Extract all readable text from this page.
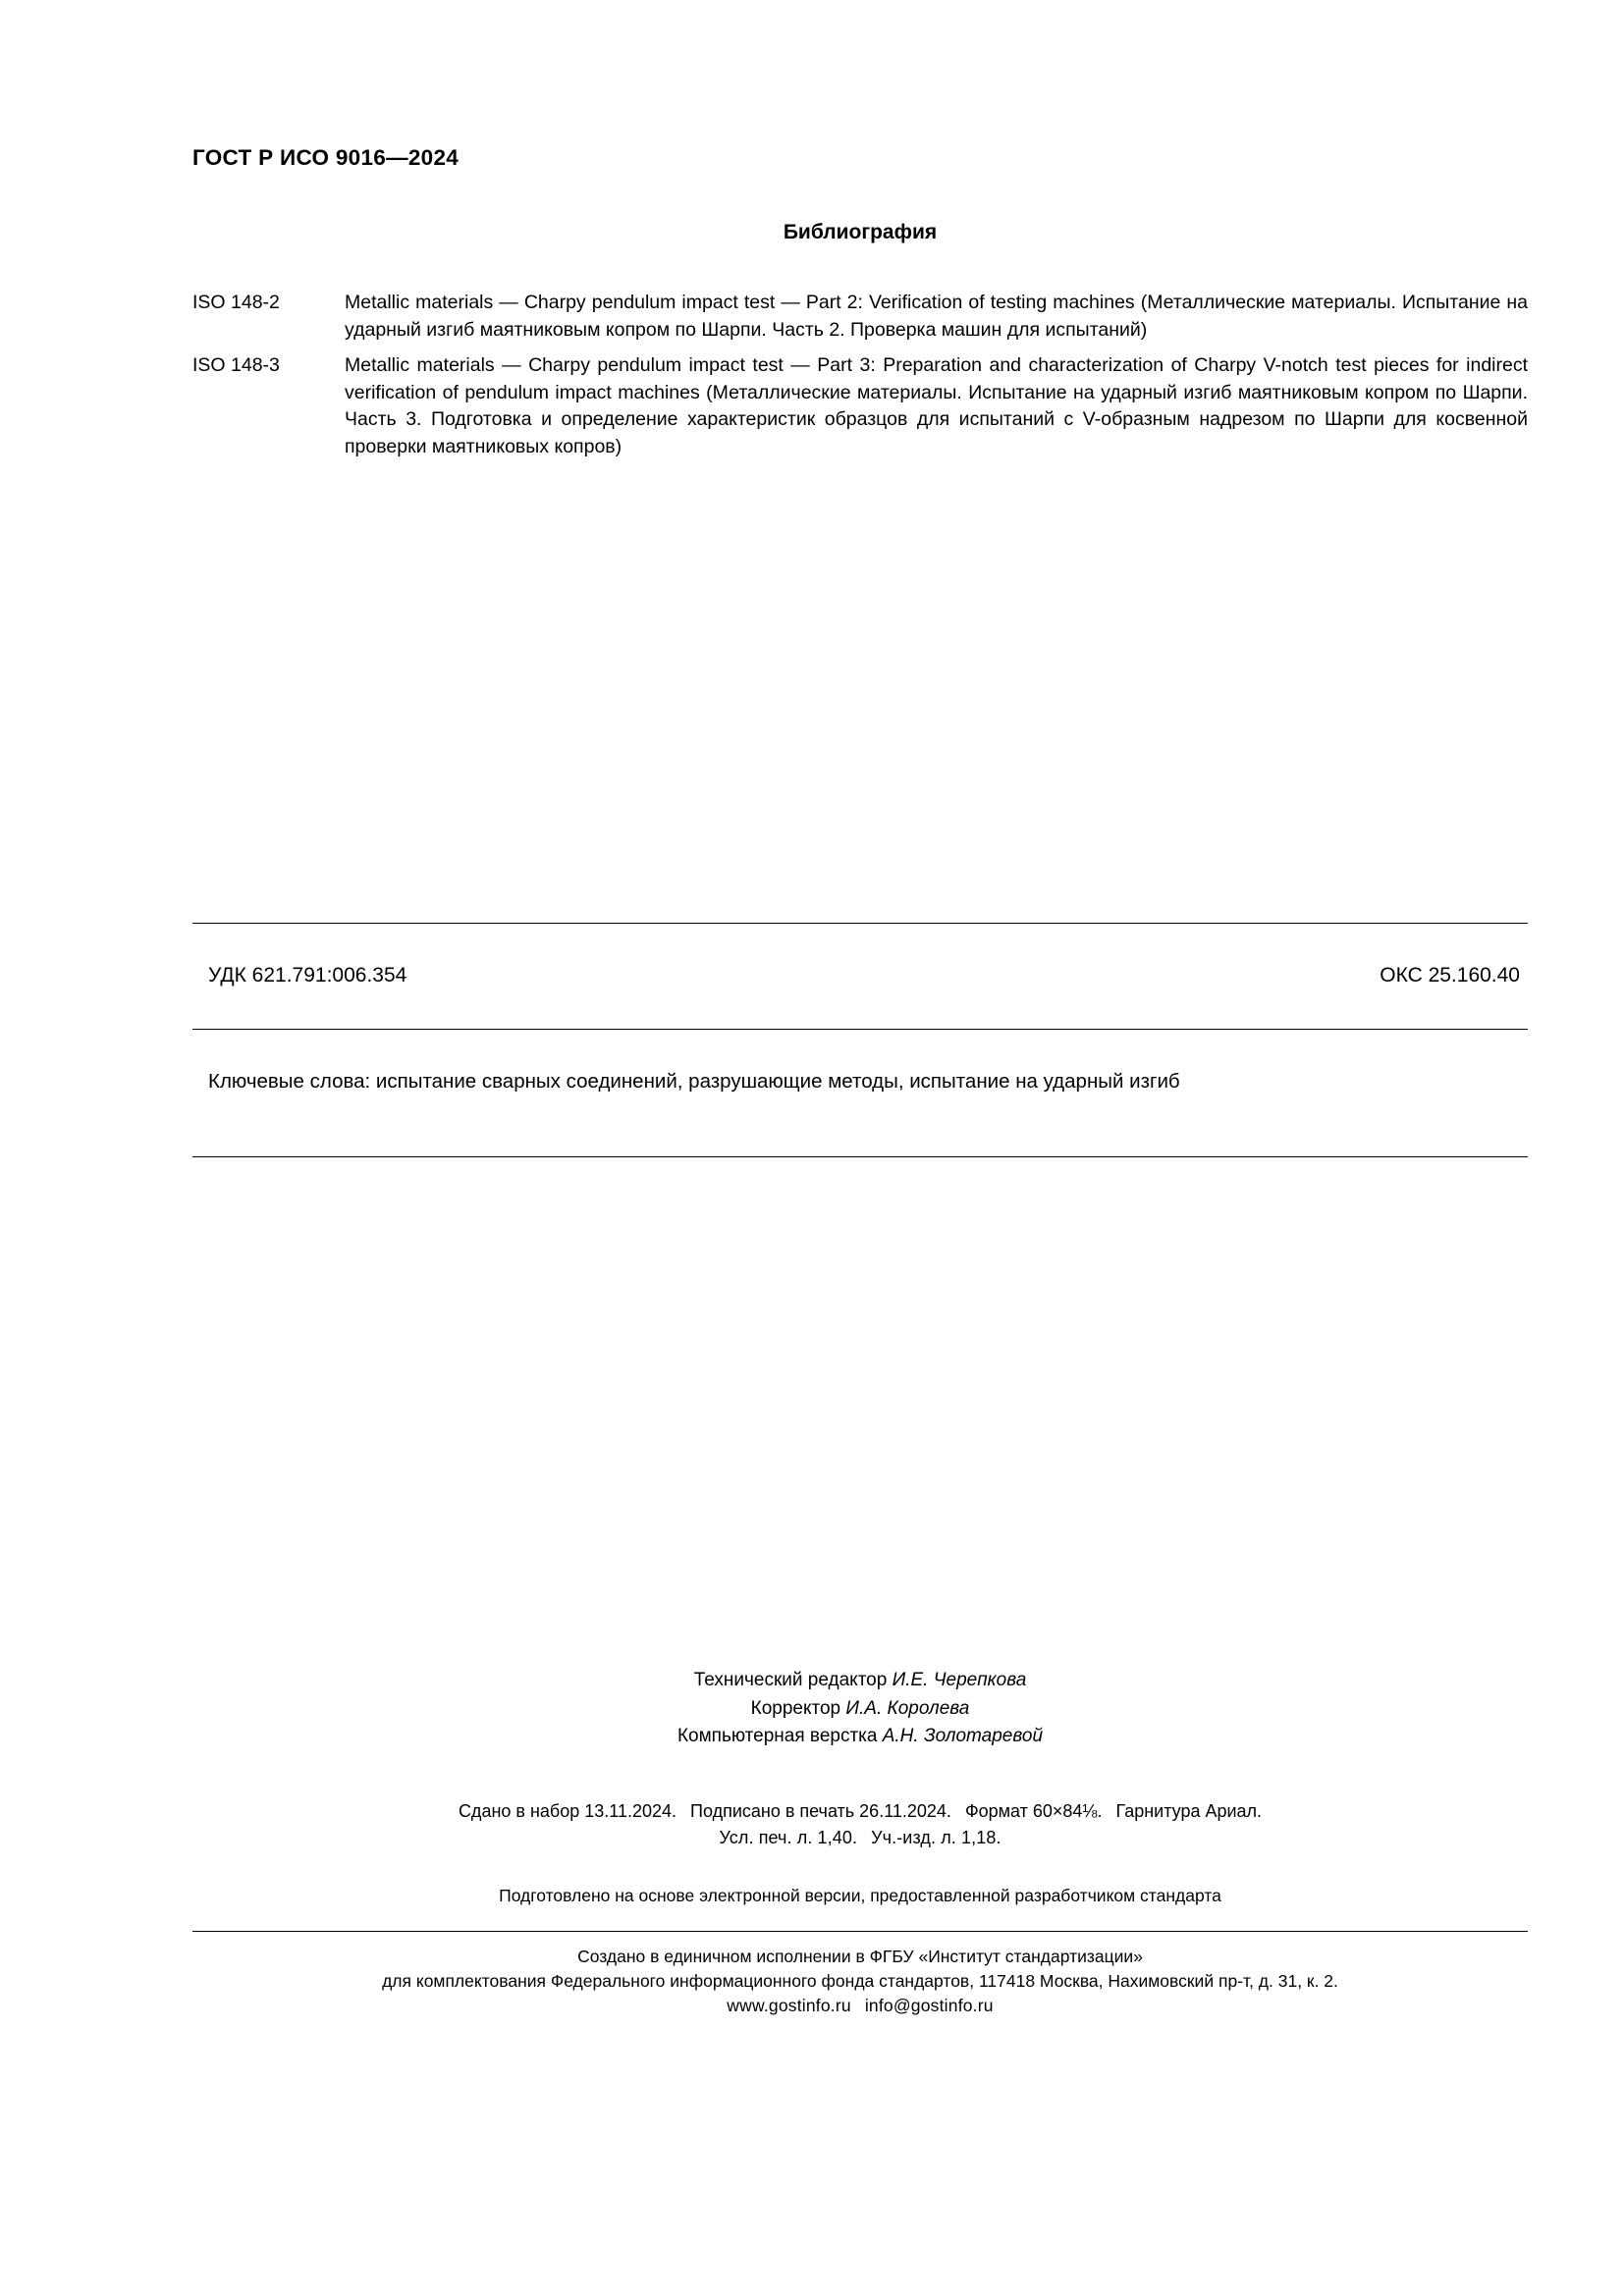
ГОСТ Р ИСО 9016—2024
Библиография
ISO 148-2	Metallic materials — Charpy pendulum impact test — Part 2: Verification of testing machines (Металлические материалы. Испытание на ударный изгиб маятниковым копром по Шарпи. Часть 2. Проверка машин для испытаний)
ISO 148-3	Metallic materials — Charpy pendulum impact test — Part 3: Preparation and characterization of Charpy V-notch test pieces for indirect verification of pendulum impact machines (Металлические материалы. Испытание на ударный изгиб маятниковым копром по Шарпи. Часть 3. Подготовка и определение характеристик образцов для испытаний с V-образным надрезом по Шарпи для косвенной проверки маятниковых копров)
УДК 621.791:006.354	ОКС 25.160.40
Ключевые слова: испытание сварных соединений, разрушающие методы, испытание на ударный изгиб
Технический редактор И.Е. Черепкова
Корректор И.А. Королева
Компьютерная верстка А.Н. Золотаревой
Сдано в набор 13.11.2024. Подписано в печать 26.11.2024. Формат 60×84⅛. Гарнитура Ариал.
Усл. печ. л. 1,40. Уч.-изд. л. 1,18.
Подготовлено на основе электронной версии, предоставленной разработчиком стандарта
Создано в единичном исполнении в ФГБУ «Институт стандартизации»
для комплектования Федерального информационного фонда стандартов, 117418 Москва, Нахимовский пр-т, д. 31, к. 2.
www.gostinfo.ru info@gostinfo.ru
